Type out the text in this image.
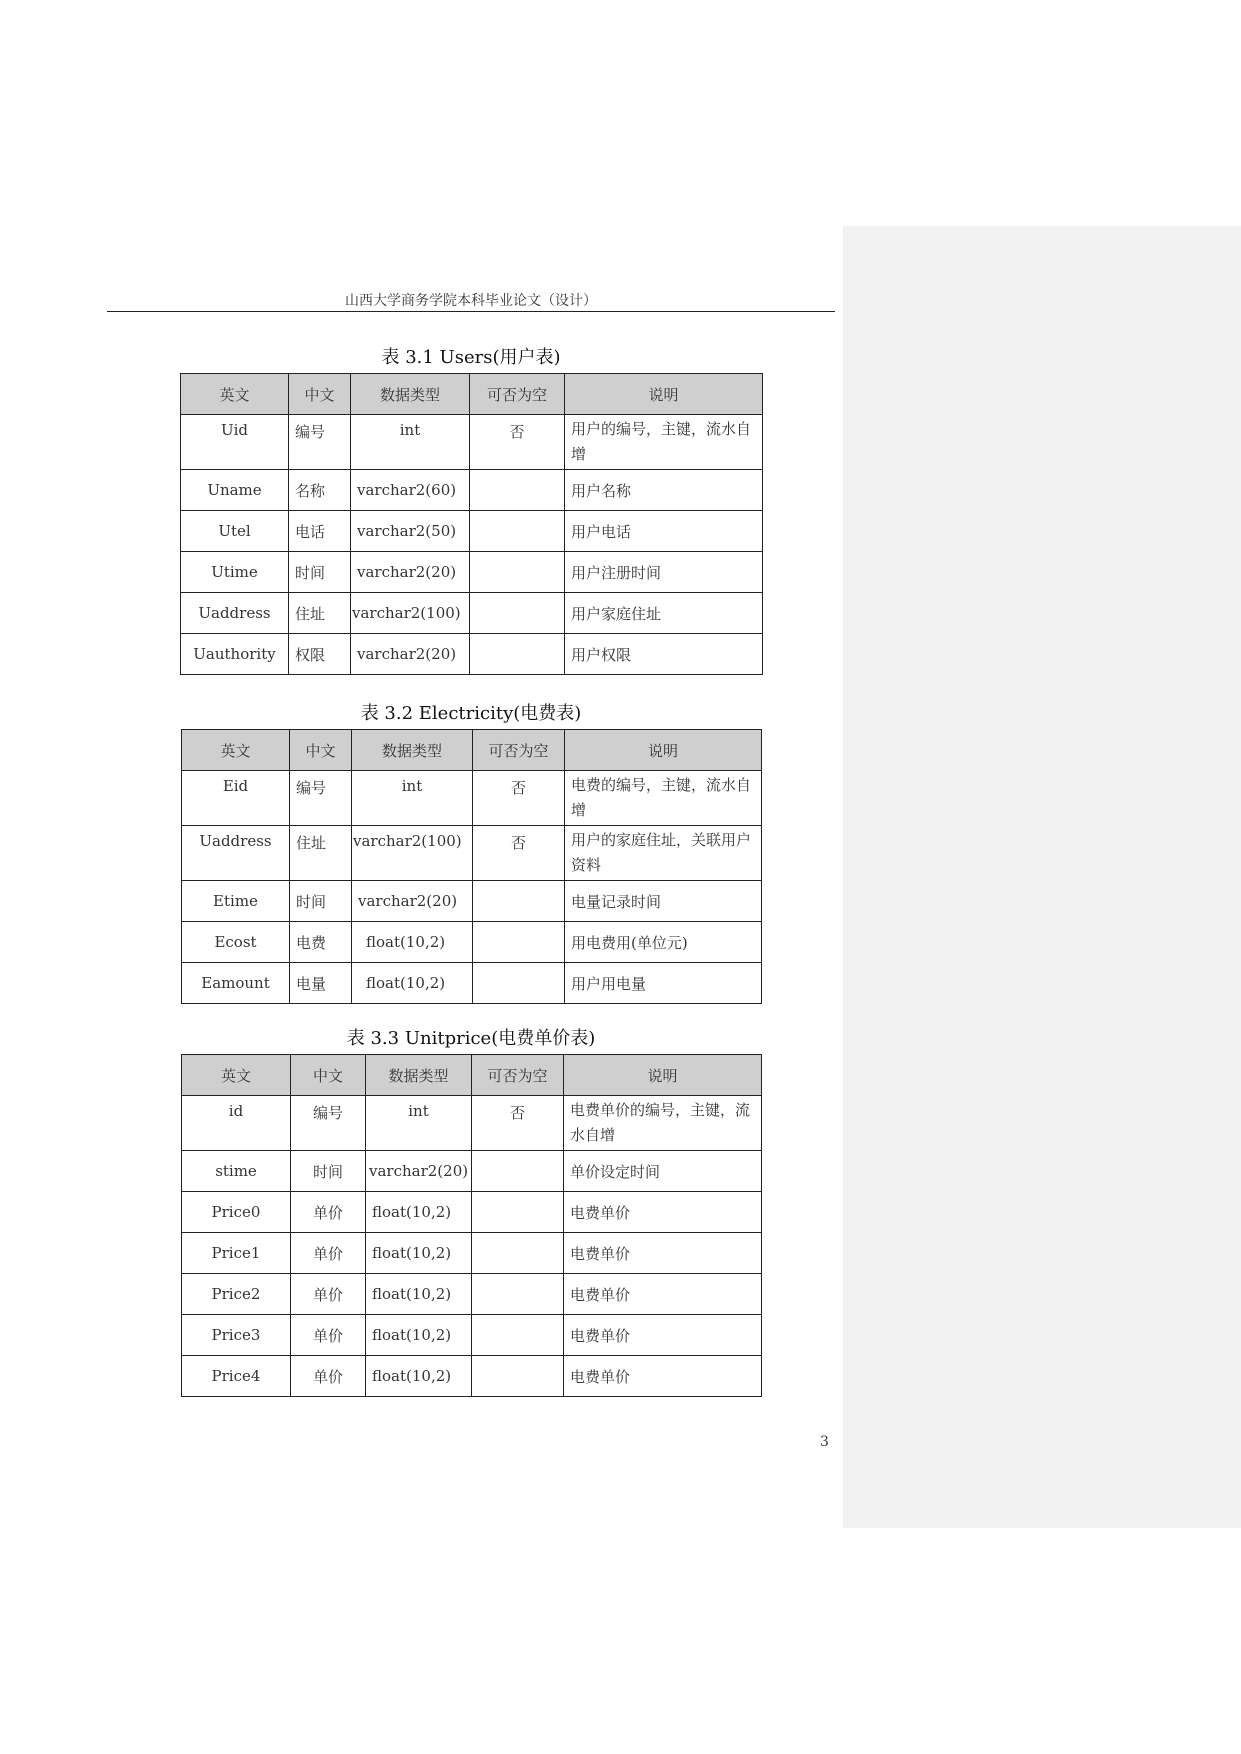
山西大学商务学院本科毕业论文（设计）
表 3.1 Users(用户表)
英文	中文	数据类型	可否为空	说明
Uid	编号	int	否	用户的编号，主键，流水自增
Uname	名称	varchar2(60)		用户名称
Utel	电话	varchar2(50)		用户电话
Utime	时间	varchar2(20)		用户注册时间
Uaddress	住址	varchar2(100)		用户家庭住址
Uauthority	权限	varchar2(20)		用户权限
表 3.2 Electricity(电费表)
英文	中文	数据类型	可否为空	说明
Eid	编号	int	否	电费的编号，主键，流水自增
Uaddress	住址	varchar2(100)	否	用户的家庭住址，关联用户资料
Etime	时间	varchar2(20)		电量记录时间
Ecost	电费	float(10,2)		用电费用(单位元)
Eamount	电量	float(10,2)		用户用电量
表 3.3 Unitprice(电费单价表)
英文	中文	数据类型	可否为空	说明
id	编号	int	否	电费单价的编号，主键，流水自增
stime	时间	varchar2(20)		单价设定时间
Price0	单价	float(10,2)		电费单价
Price1	单价	float(10,2)		电费单价
Price2	单价	float(10,2)		电费单价
Price3	单价	float(10,2)		电费单价
Price4	单价	float(10,2)		电费单价
3
